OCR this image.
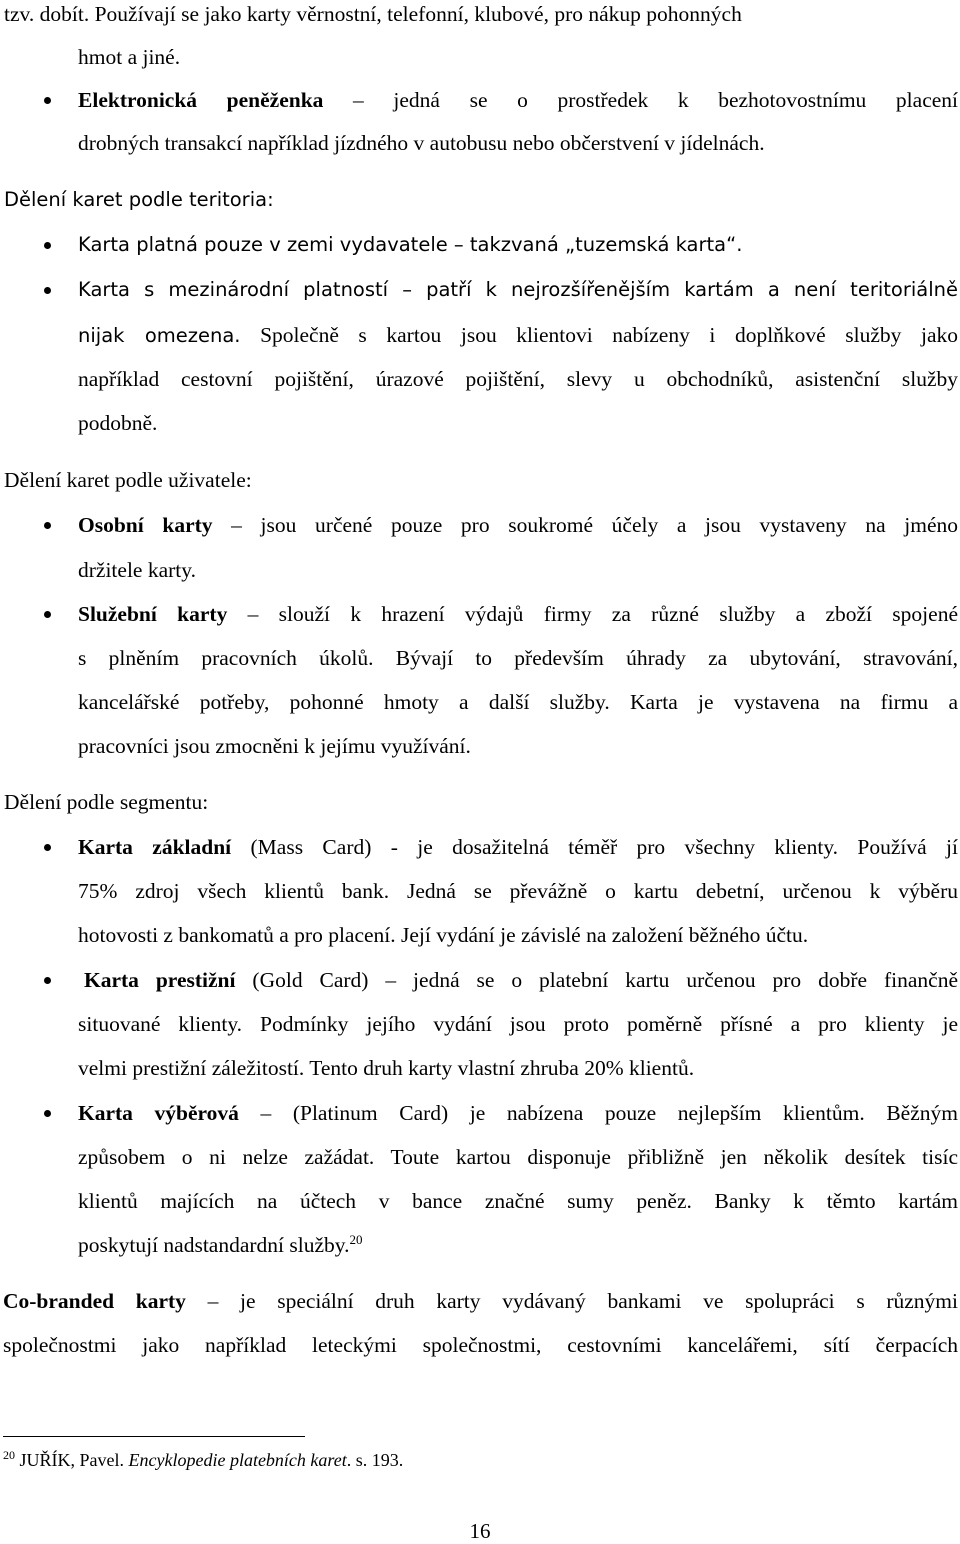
tzv. dobít. Používají se jako karty věrnostní, telefonní, klubové, pro nákup pohonných

hmot a jiné.

Elektronická peněženka – jedná se o prostředek k bezhotovostnímu placení

drobných transakcí například jízdného v autobusu nebo občerstvení v jídelnách.

Dělení karet podle teritoria:

Karta platná pouze v zemi vydavatele – takzvaná „tuzemská karta“.

Karta s mezinárodní platností – patří k nejrozšířenějším kartám a není teritoriálně

nijak omezena. Společně s kartou jsou klientovi nabízeny i doplňkové služby jako

například cestovní pojištění, úrazové pojištění, slevy u obchodníků, asistenční služby

podobně.

Dělení karet podle uživatele:

Osobní karty – jsou určené pouze pro soukromé účely a jsou vystaveny na jméno

držitele karty.

Služební karty – slouží k hrazení výdajů firmy za různé služby a zboží spojené

s plněním pracovních úkolů. Bývají to především úhrady za ubytování, stravování,

kancelářské potřeby, pohonné hmoty a další služby. Karta je vystavena na firmu a

pracovníci jsou zmocněni k jejímu využívání.

Dělení podle segmentu:

Karta základní (Mass Card) - je dosažitelná téměř pro všechny klienty. Používá jí

75% zdroj všech klientů bank. Jedná se převážně o kartu debetní, určenou k výběru

hotovosti z bankomatů a pro placení. Její vydání je závislé na založení běžného účtu.

Karta prestižní (Gold Card) – jedná se o platební kartu určenou pro dobře finančně

situované klienty. Podmínky jejího vydání jsou proto poměrně přísné a pro klienty je

velmi prestižní záležitostí. Tento druh karty vlastní zhruba 20% klientů.

Karta výběrová – (Platinum Card) je nabízena pouze nejlepším klientům. Běžným

způsobem o ni nelze zažádat. Toute kartou disponuje přibližně jen několik desítek tisíc

klientů majících na účtech v bance značné sumy peněz. Banky k těmto kartám

poskytují nadstandardní služby.$^{20}$

Co-branded karty – je speciální druh karty vydávaný bankami ve spolupráci s různými

společnostmi jako například leteckými společnostmi, cestovními kancelářemi, sítí čerpacích

$^{20}$ JUŘÍK, Pavel. Encyklopedie platebních karet. s. 193.
16
